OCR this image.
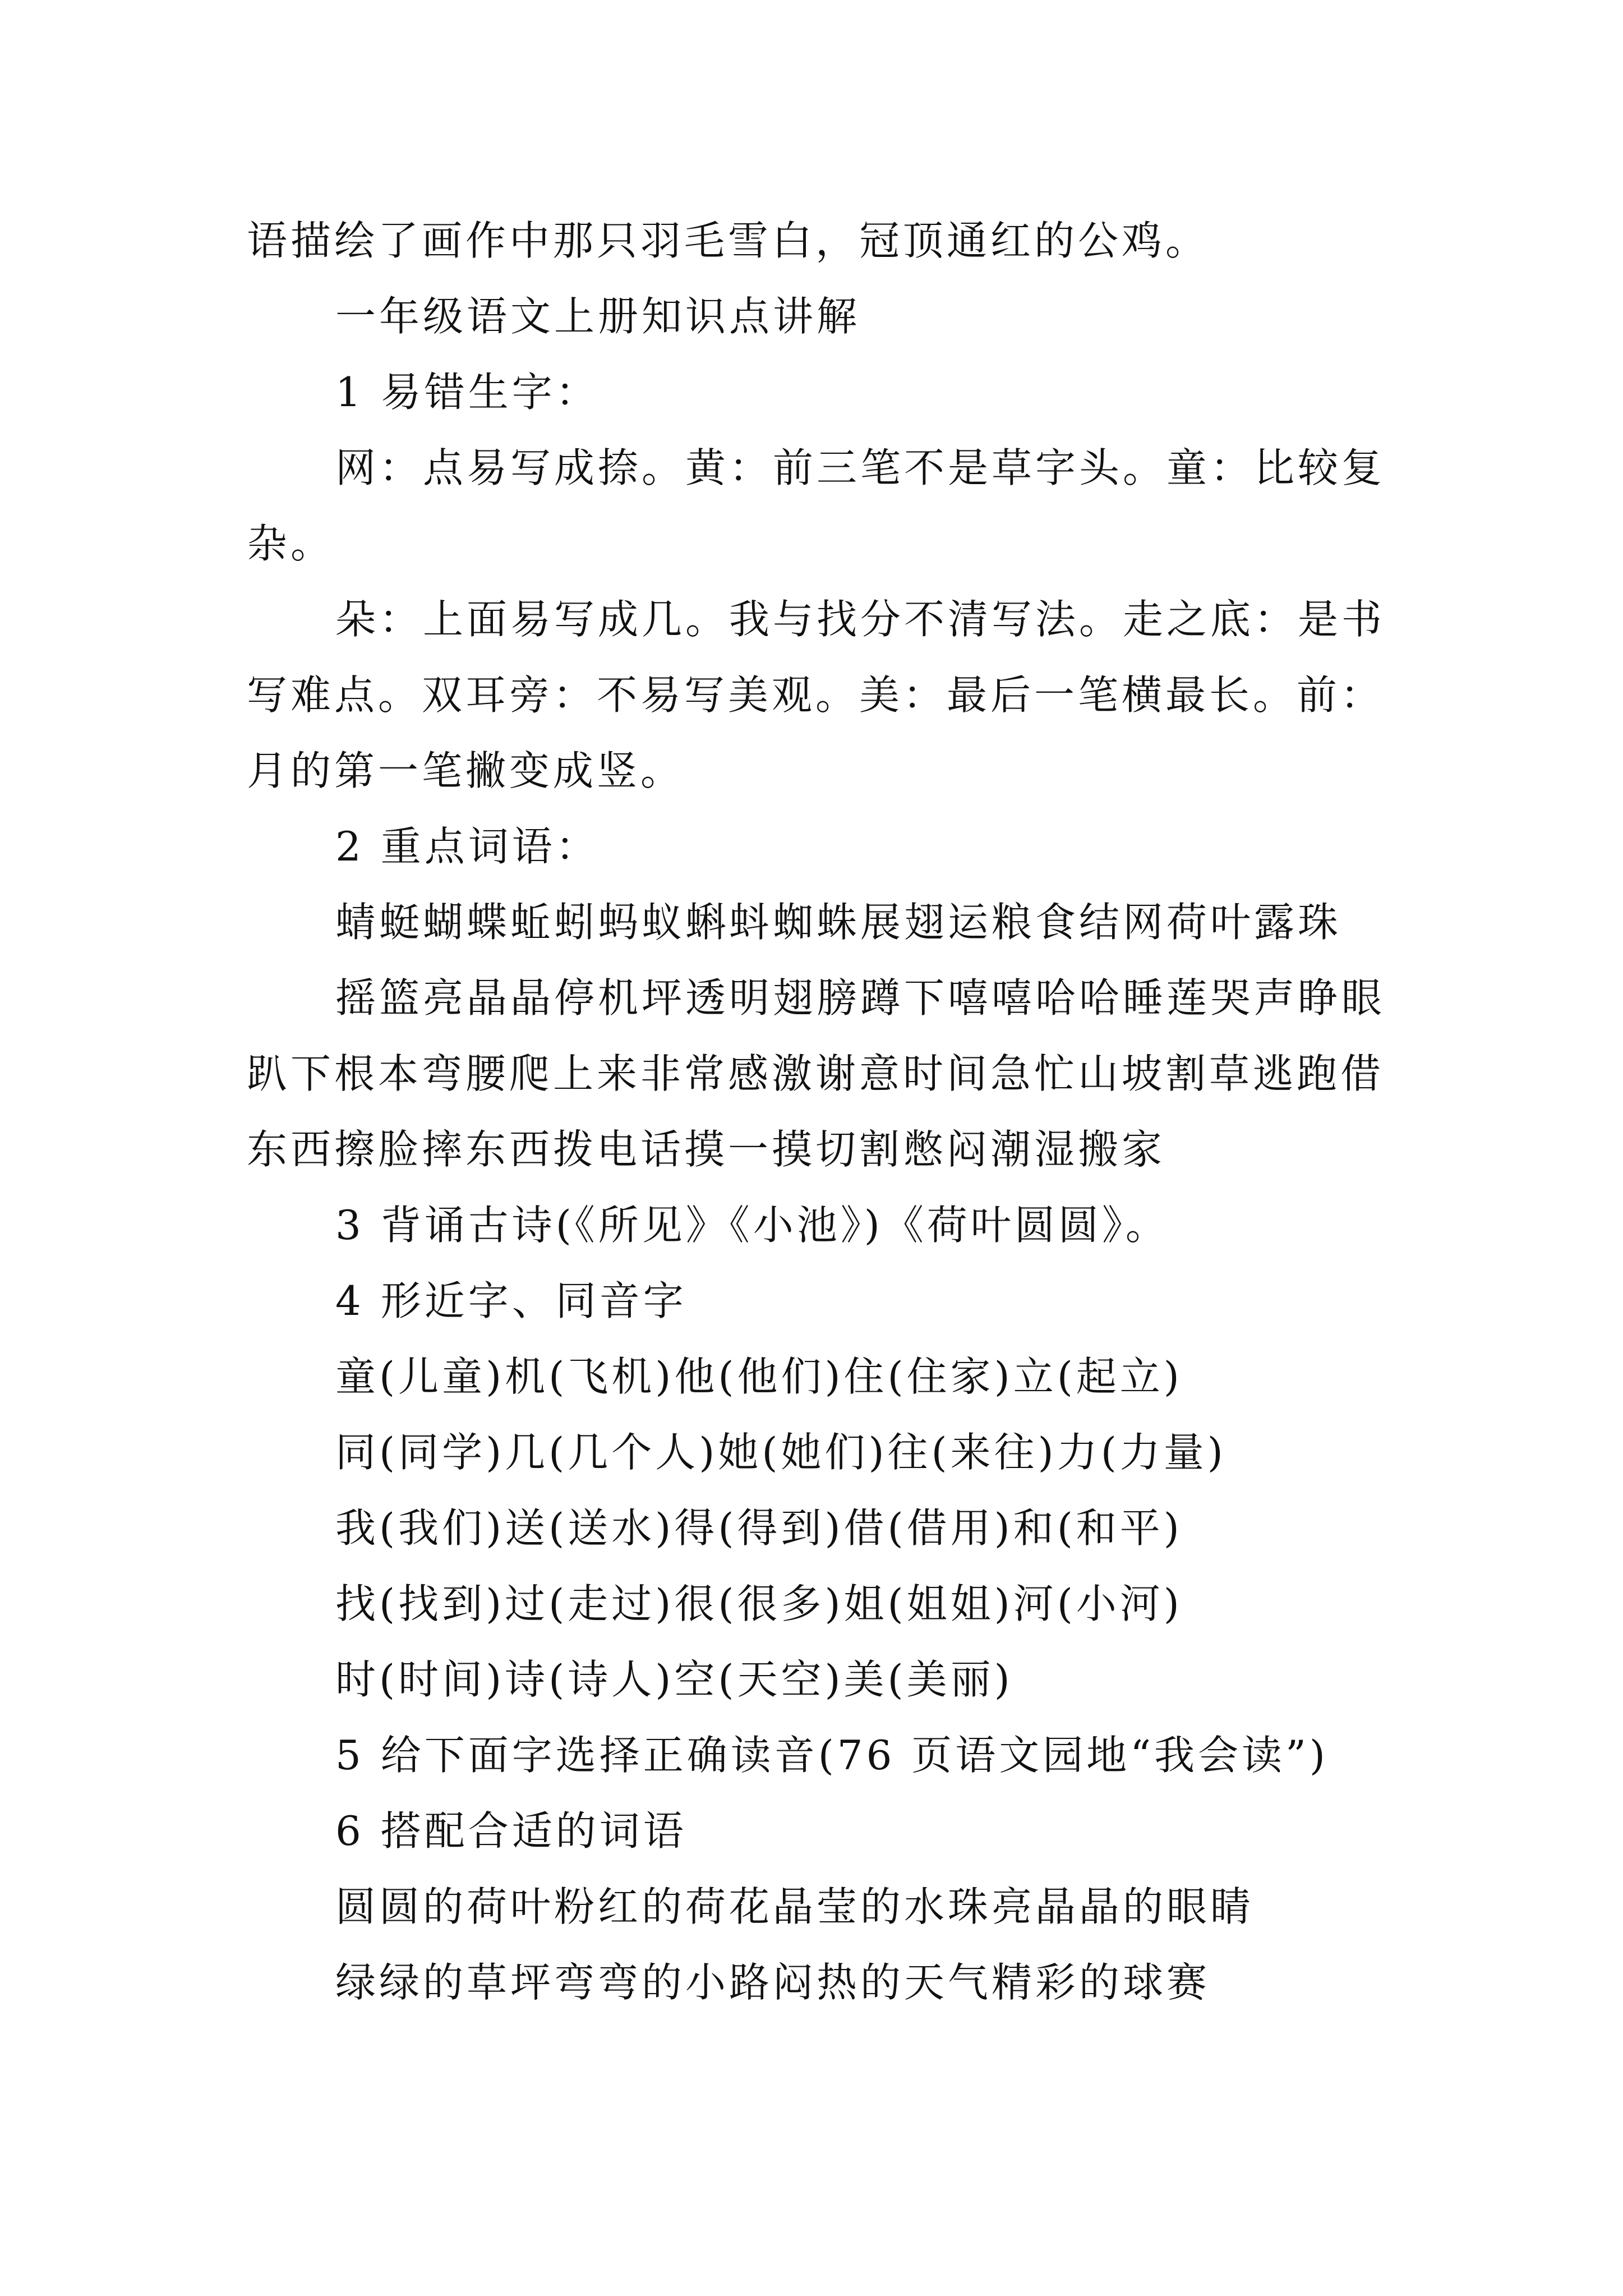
语描绘了画作中那只羽毛雪白，冠顶通红的公鸡。

一年级语文上册知识点讲解

1 易错生字：

网：点易写成捺。黄：前三笔不是草字头。童：比较复杂。

朵：上面易写成几。我与找分不清写法。走之底：是书写难点。双耳旁：不易写美观。美：最后一笔横最长。前：月的第一笔撇变成竖。

2 重点词语：

蜻蜓蝴蝶蚯蚓蚂蚁蝌蚪蜘蛛展翅运粮食结网荷叶露珠

摇篮亮晶晶停机坪透明翅膀蹲下嘻嘻哈哈睡莲哭声睁眼趴下根本弯腰爬上来非常感激谢意时间急忙山坡割草逃跑借东西擦脸摔东西拨电话摸一摸切割憋闷潮湿搬家

3 背诵古诗(《所见》《小池》)《荷叶圆圆》。

4 形近字、同音字

童(儿童)机(飞机)他(他们)住(住家)立(起立)

同(同学)几(几个人)她(她们)往(来往)力(力量)

我(我们)送(送水)得(得到)借(借用)和(和平)

找(找到)过(走过)很(很多)姐(姐姐)河(小河)

时(时间)诗(诗人)空(天空)美(美丽)

5 给下面字选择正确读音(76 页语文园地“我会读”)

6 搭配合适的词语

圆圆的荷叶粉红的荷花晶莹的水珠亮晶晶的眼睛

绿绿的草坪弯弯的小路闷热的天气精彩的球赛
